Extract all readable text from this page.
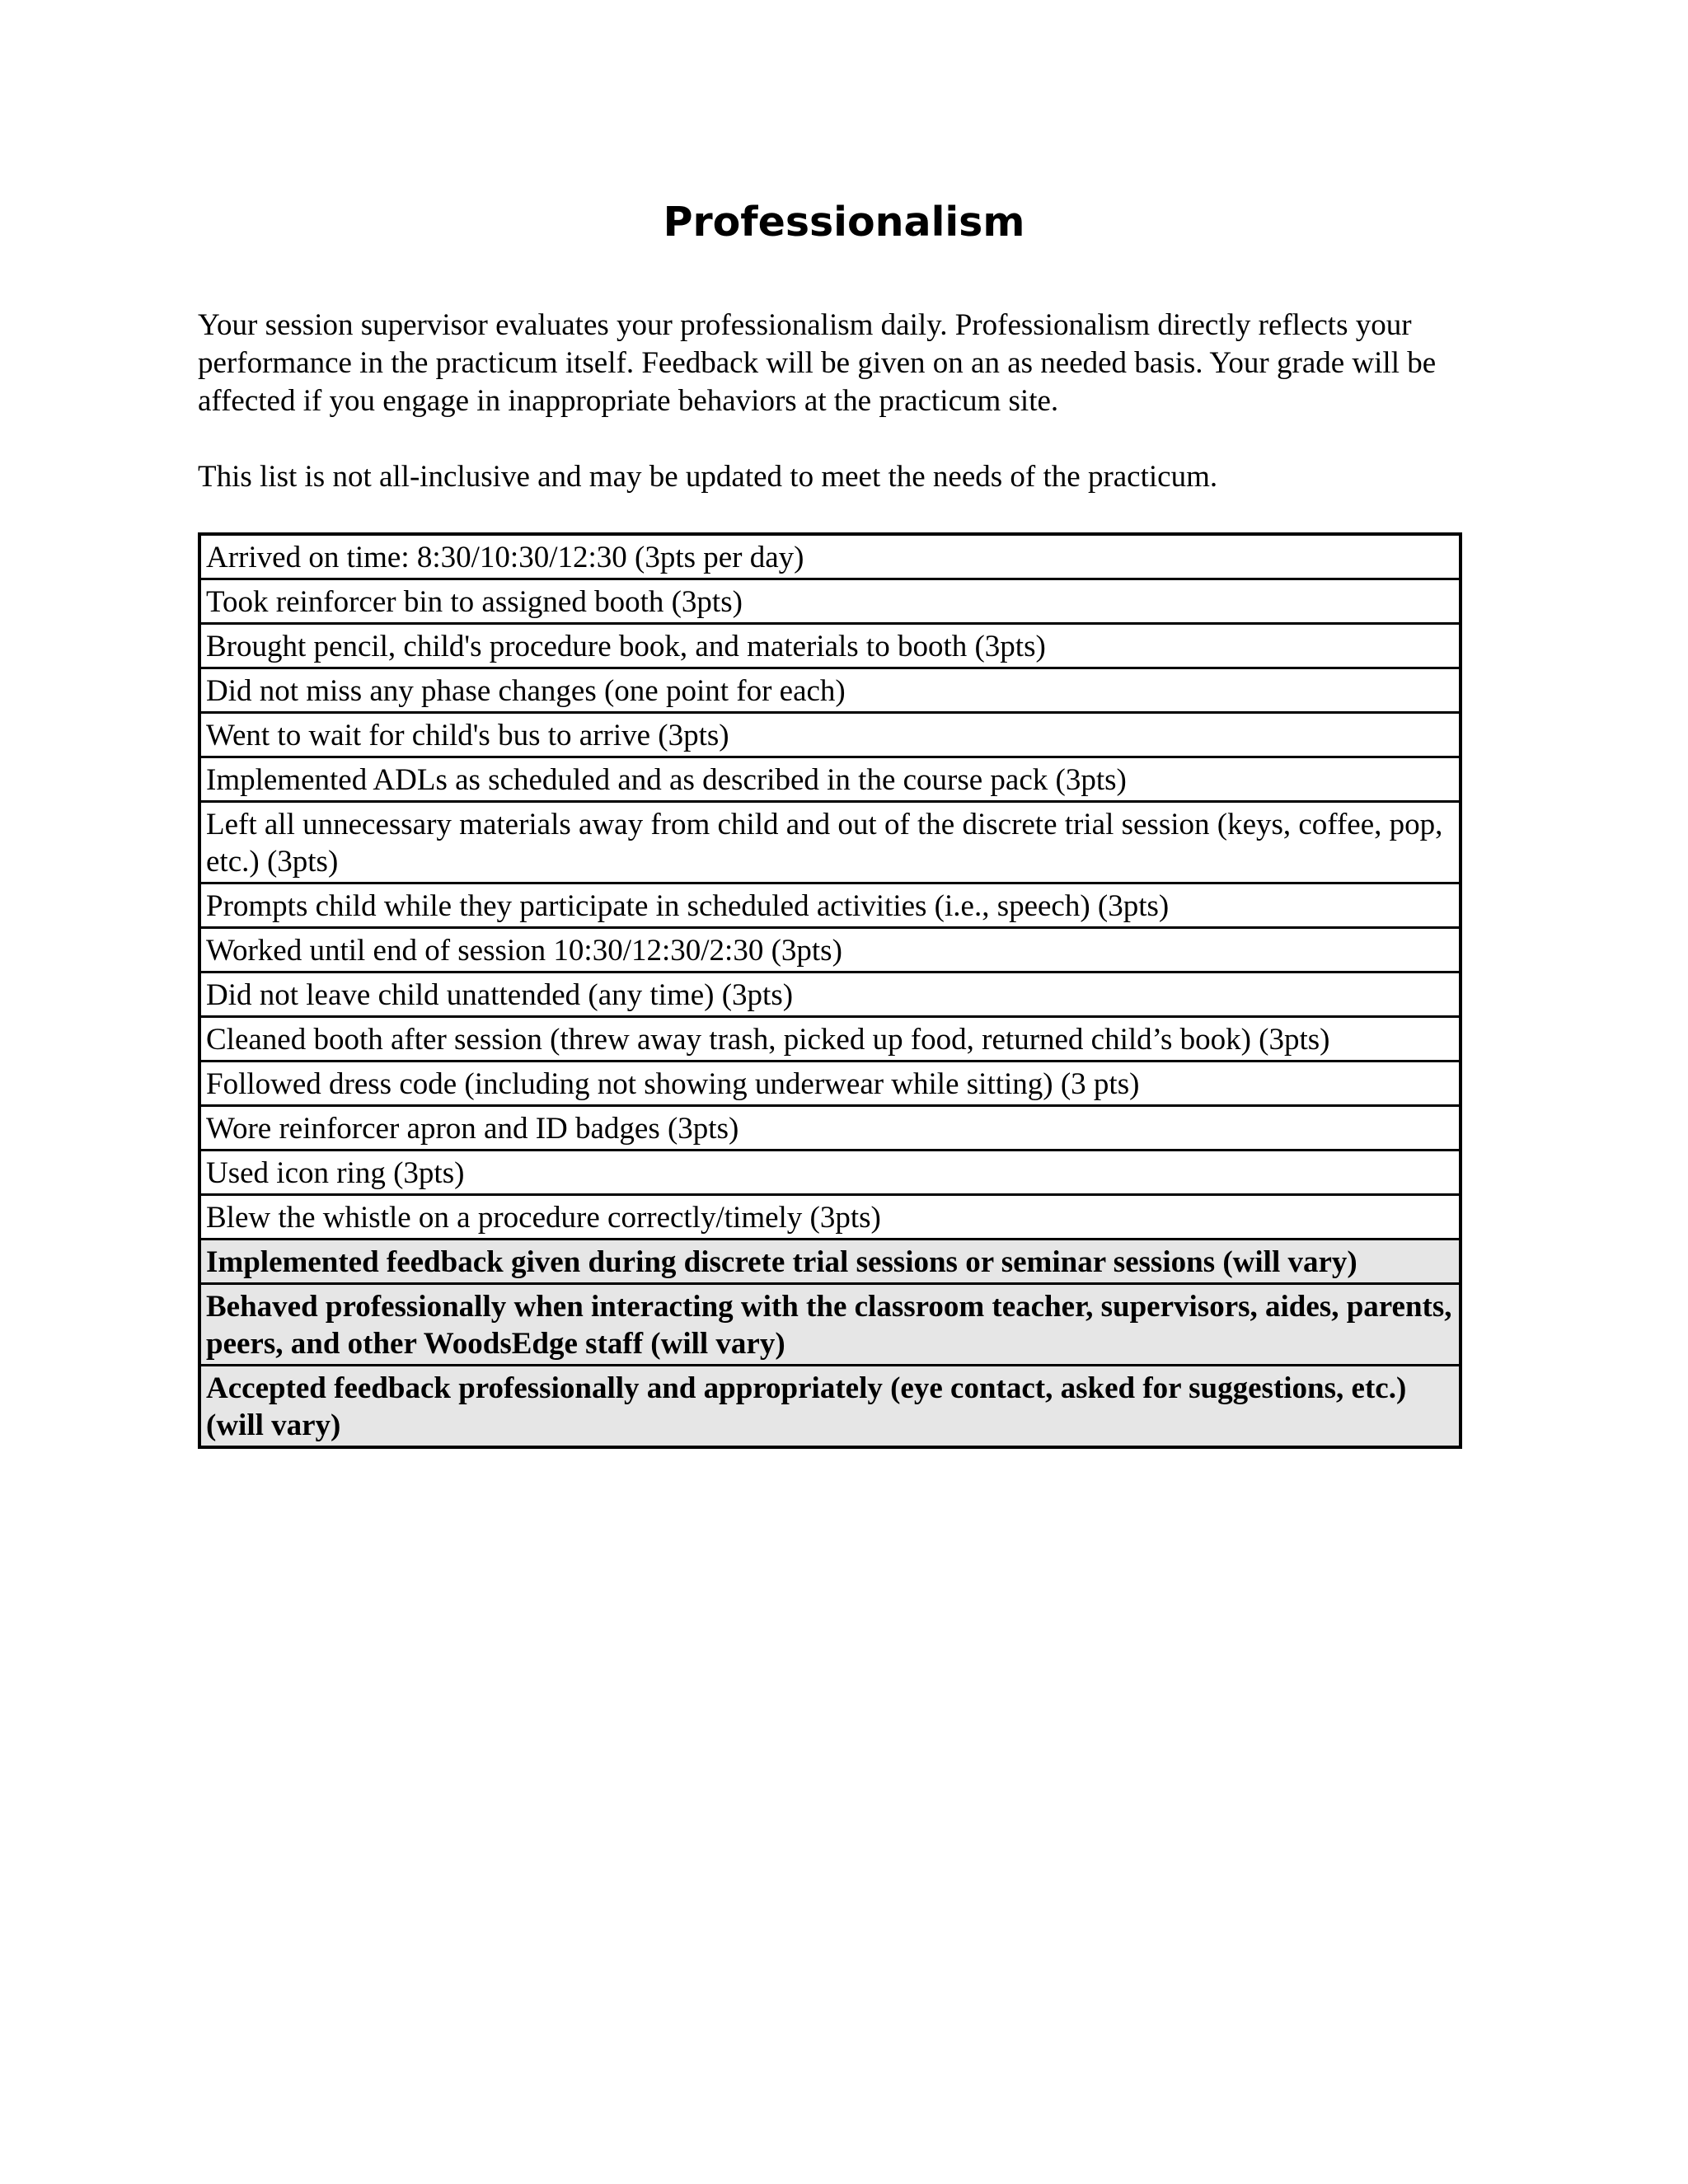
Professionalism

Your session supervisor evaluates your professionalism daily. Professionalism directly reflects your performance in the practicum itself. Feedback will be given on an as needed basis. Your grade will be affected if you engage in inappropriate behaviors at the practicum site.

This list is not all-inclusive and may be updated to meet the needs of the practicum.

Arrived on time: 8:30/10:30/12:30 (3pts per day)
Took reinforcer bin to assigned booth (3pts)
Brought pencil, child's procedure book, and materials to booth (3pts)
Did not miss any phase changes (one point for each)
Went to wait for child's bus to arrive (3pts)
Implemented ADLs as scheduled and as described in the course pack (3pts)
Left all unnecessary materials away from child and out of the discrete trial session (keys, coffee, pop, etc.) (3pts)
Prompts child while they participate in scheduled activities (i.e., speech) (3pts)
Worked until end of session 10:30/12:30/2:30 (3pts)
Did not leave child unattended (any time) (3pts)
Cleaned booth after session (threw away trash, picked up food, returned child’s book) (3pts)
Followed dress code (including not showing underwear while sitting) (3 pts)
Wore reinforcer apron and ID badges (3pts)
Used icon ring (3pts)
Blew the whistle on a procedure correctly/timely (3pts)
Implemented feedback given during discrete trial sessions or seminar sessions (will vary)
Behaved professionally when interacting with the classroom teacher, supervisors, aides, parents, peers, and other WoodsEdge staff (will vary)
Accepted feedback professionally and appropriately (eye contact, asked for suggestions, etc.) (will vary)
